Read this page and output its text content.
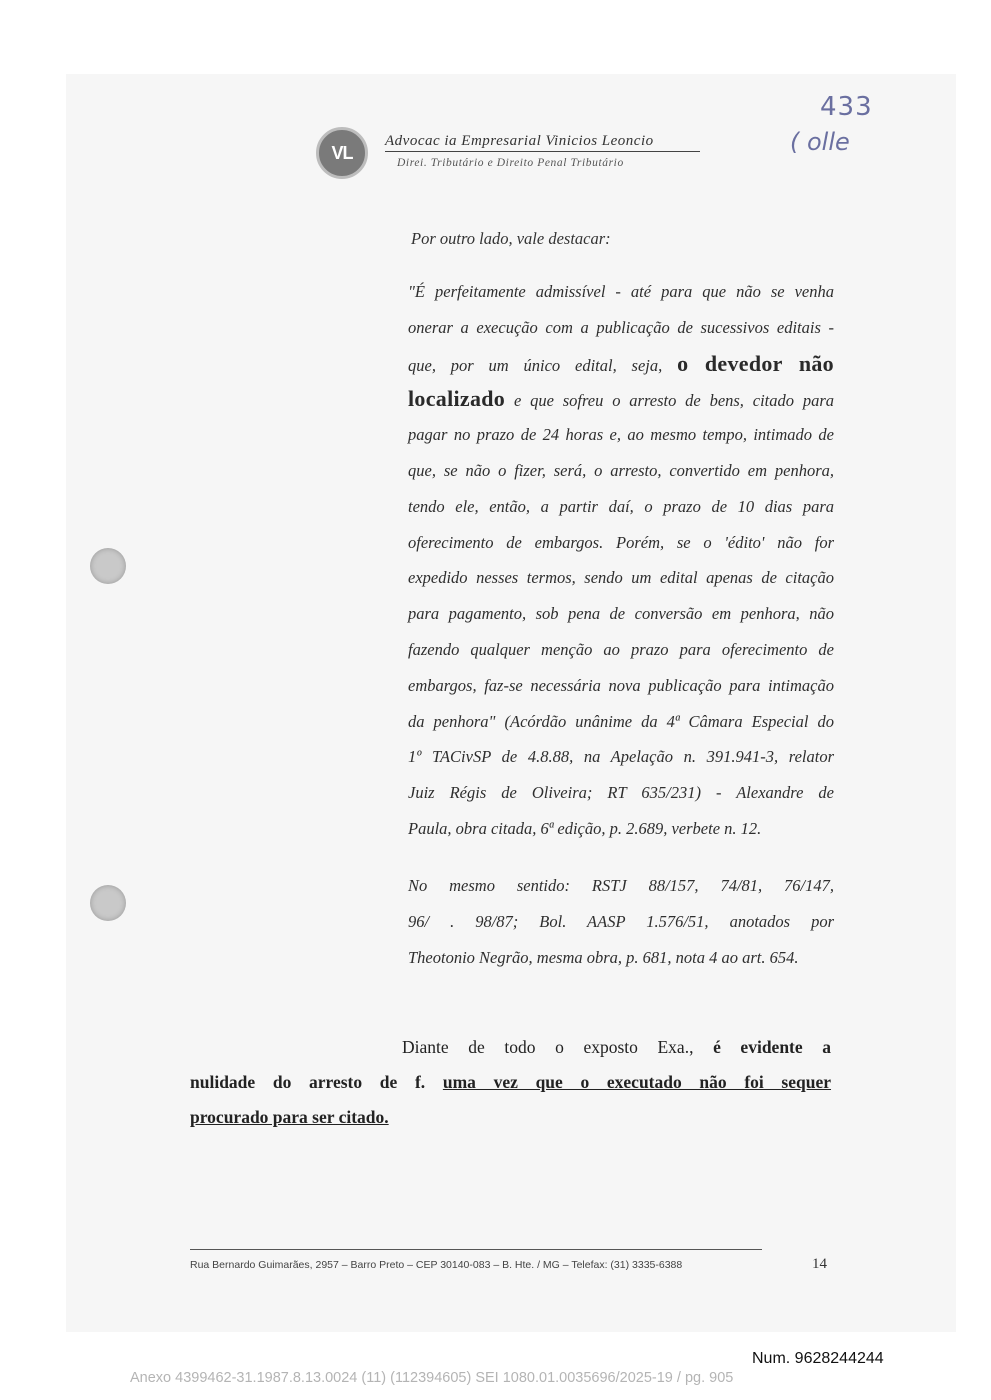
VL
Advocac ia Empresarial Vinicios Leoncio
Direi. Tributário e Direito Penal Tributário
433
( olle
Por outro lado, vale destacar:
"É perfeitamente admissível - até para que não se venha
onerar a execução com a publicação de sucessivos editais -
que, por um único edital, seja, o devedor não
localizado e que sofreu o arresto de bens, citado para
pagar no prazo de 24 horas e, ao mesmo tempo, intimado de
que, se não o fizer, será, o arresto, convertido em penhora,
tendo ele, então, a partir daí, o prazo de 10 dias para
oferecimento de embargos. Porém, se o 'édito' não for
expedido nesses termos, sendo um edital apenas de citação
para pagamento, sob pena de conversão em penhora, não
fazendo qualquer menção ao prazo para oferecimento de
embargos, faz-se necessária nova publicação para intimação
da penhora" (Acórdão unânime da 4ª Câmara Especial do
1º TACivSP de 4.8.88, na Apelação n. 391.941-3, relator
Juiz Régis de Oliveira; RT 635/231) - Alexandre de
Paula, obra citada, 6ª edição, p. 2.689, verbete n. 12.
No mesmo sentido: RSTJ 88/157, 74/81, 76/147,
96/ . 98/87; Bol. AASP 1.576/51, anotados por
Theotonio Negrão, mesma obra, p. 681, nota 4 ao art. 654.
Diante de todo o exposto Exa., é evidente a
nulidade do arresto de f. uma vez que o executado não foi sequer
procurado para ser citado.
Rua Bernardo Guimarães, 2957 – Barro Preto – CEP 30140-083 – B. Hte. / MG – Telefax: (31) 3335-6388	14
Num. 9628244244
Anexo 4399462-31.1987.8.13.0024 (11) (112394605) SEI 1080.01.0035696/2025-19 / pg. 905
